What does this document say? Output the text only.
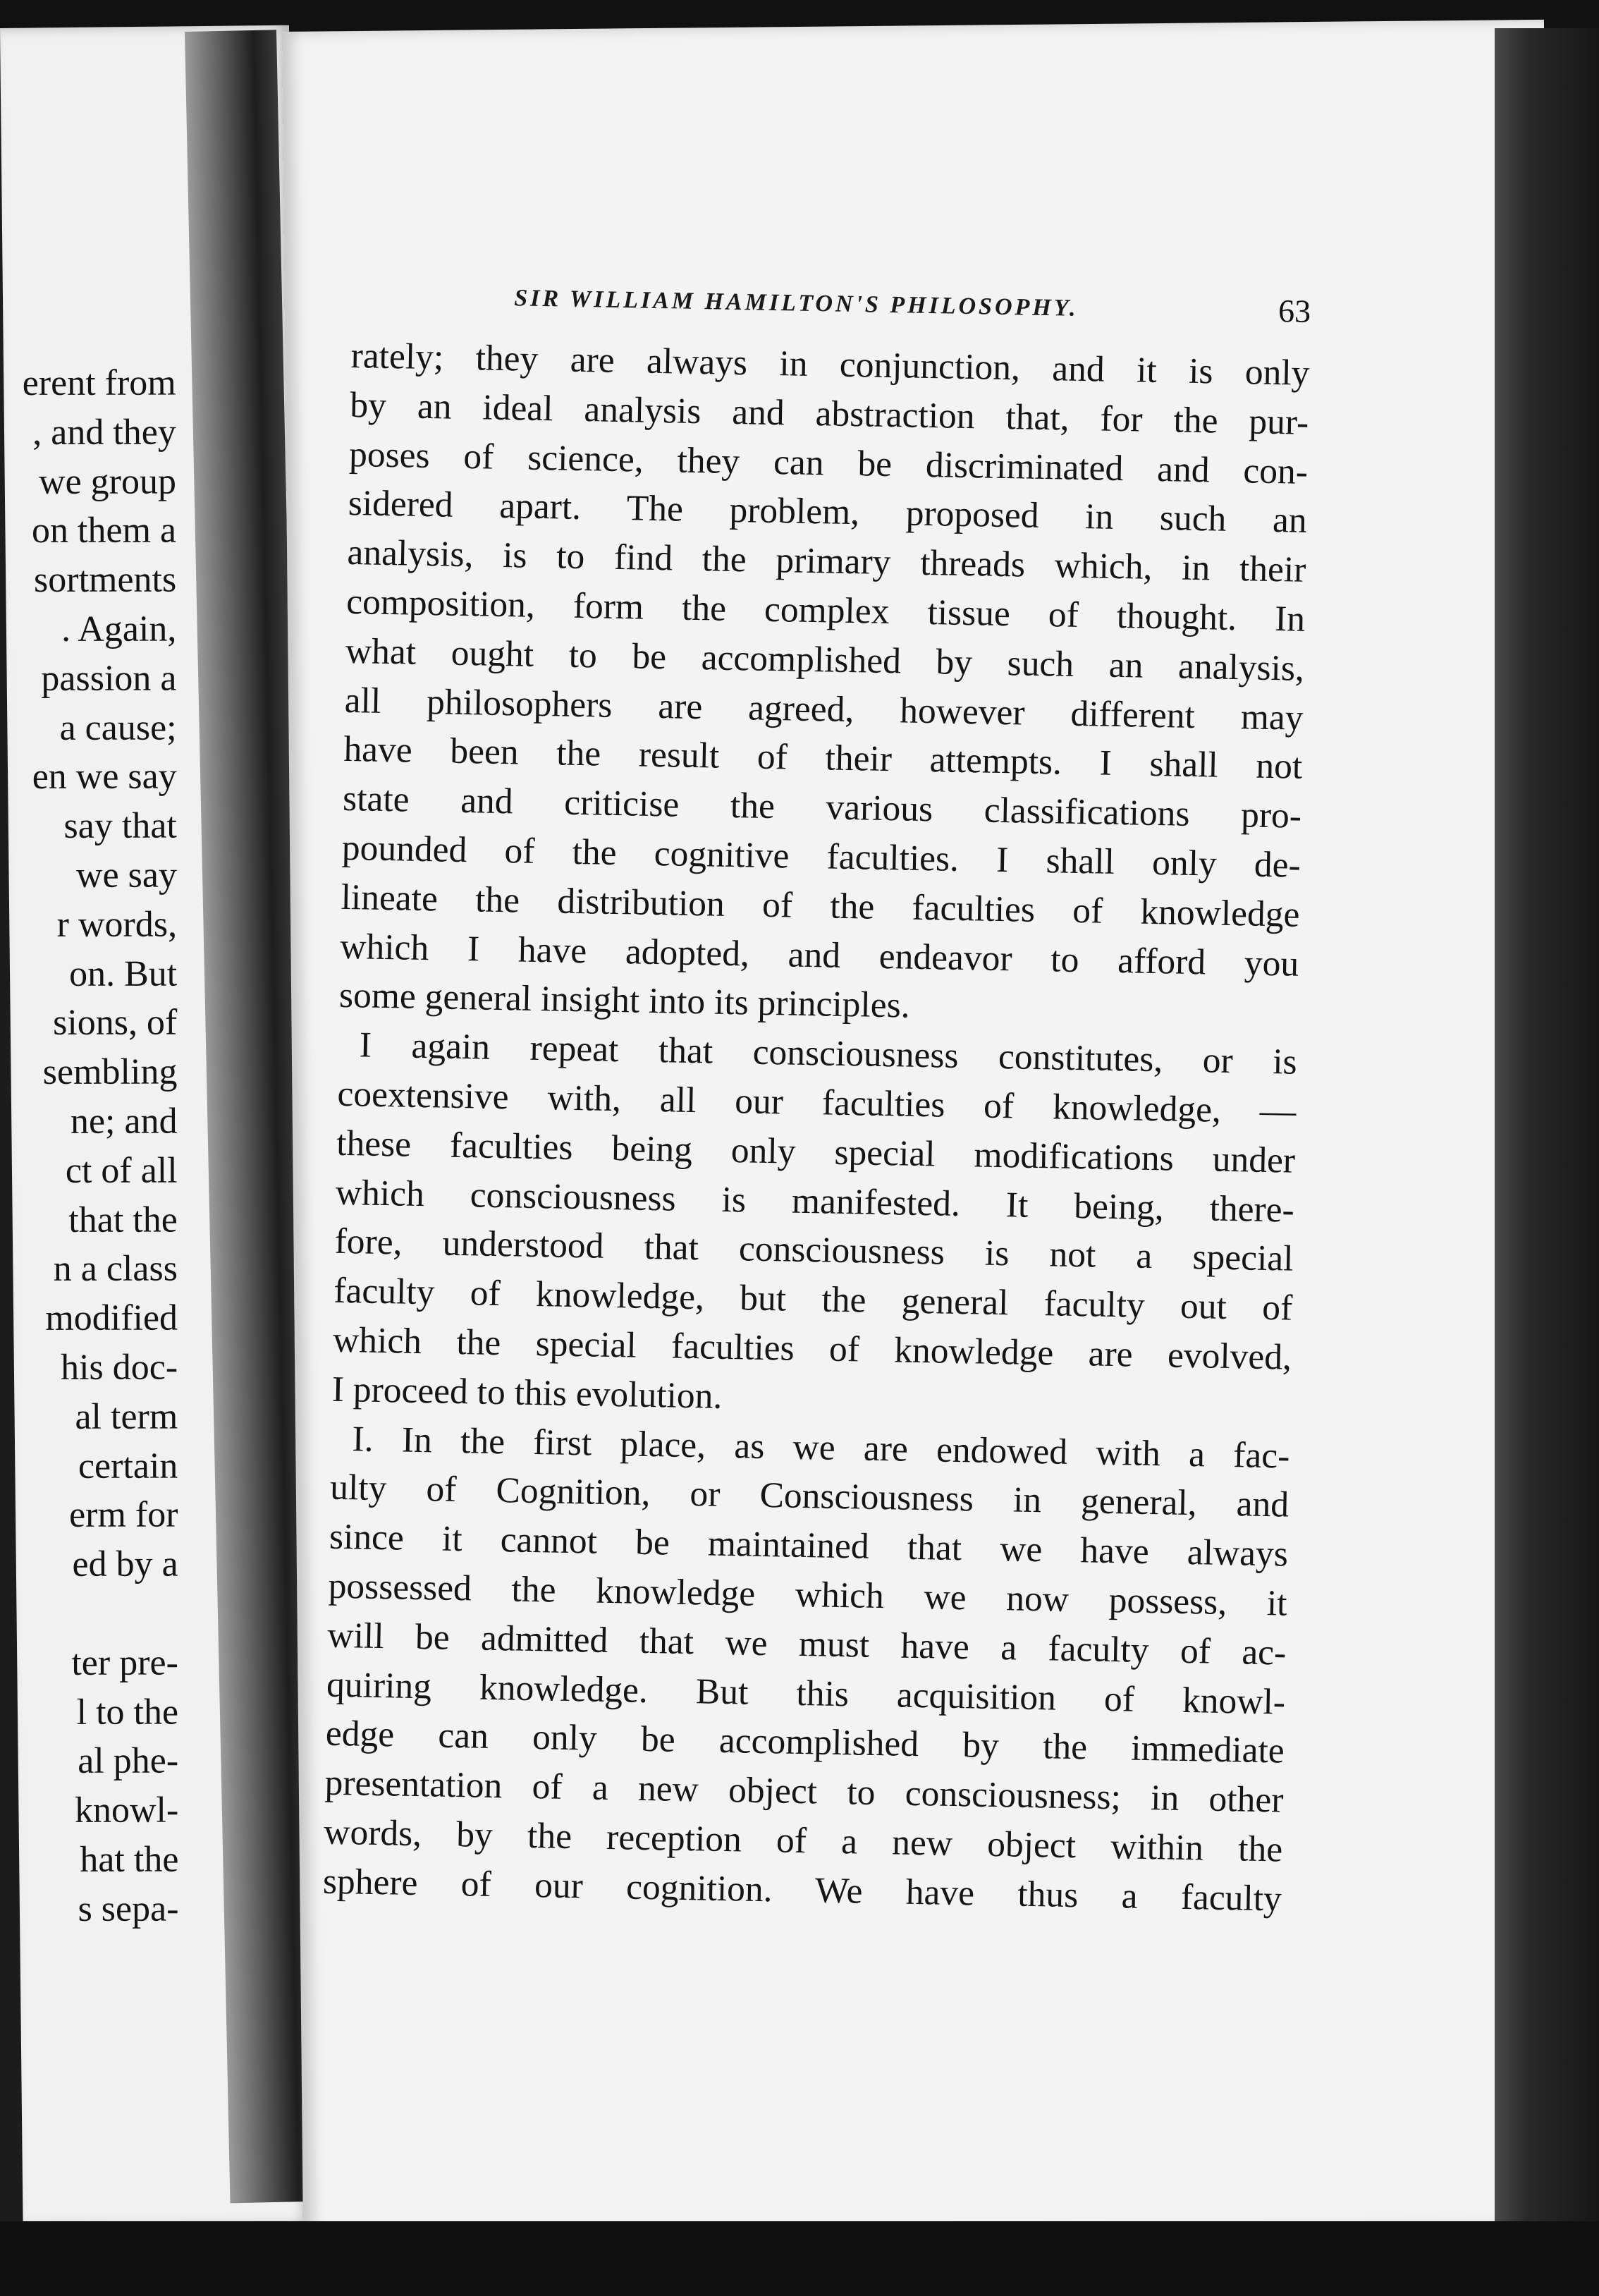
erent from
, and they
we group
on them a
sortments
. Again,
passion a
a cause;
en we say
say that
we say
r words,
on. But
sions, of
sembling
ne; and
ct of all
that the
n a class
modified
his doc-
al term
certain
erm for
ed by a
ter pre-
l to the
al phe-
knowl-
hat the
s sepa-
SIR WILLIAM HAMILTON'S PHILOSOPHY.	63
rately; they are always in conjunction, and it is only
by an ideal analysis and abstraction that, for the pur-
poses of science, they can be discriminated and con-
sidered apart. The problem, proposed in such an
analysis, is to find the primary threads which, in their
composition, form the complex tissue of thought. In
what ought to be accomplished by such an analysis,
all philosophers are agreed, however different may
have been the result of their attempts. I shall not
state and criticise the various classifications pro-
pounded of the cognitive faculties. I shall only de-
lineate the distribution of the faculties of knowledge
which I have adopted, and endeavor to afford you
some general insight into its principles.
I again repeat that consciousness constitutes, or is
coextensive with, all our faculties of knowledge, —
these faculties being only special modifications under
which consciousness is manifested. It being, there-
fore, understood that consciousness is not a special
faculty of knowledge, but the general faculty out of
which the special faculties of knowledge are evolved,
I proceed to this evolution.
I. In the first place, as we are endowed with a fac-
ulty of Cognition, or Consciousness in general, and
since it cannot be maintained that we have always
possessed the knowledge which we now possess, it
will be admitted that we must have a faculty of ac-
quiring knowledge. But this acquisition of knowl-
edge can only be accomplished by the immediate
presentation of a new object to consciousness; in other
words, by the reception of a new object within the
sphere of our cognition. We have thus a faculty
